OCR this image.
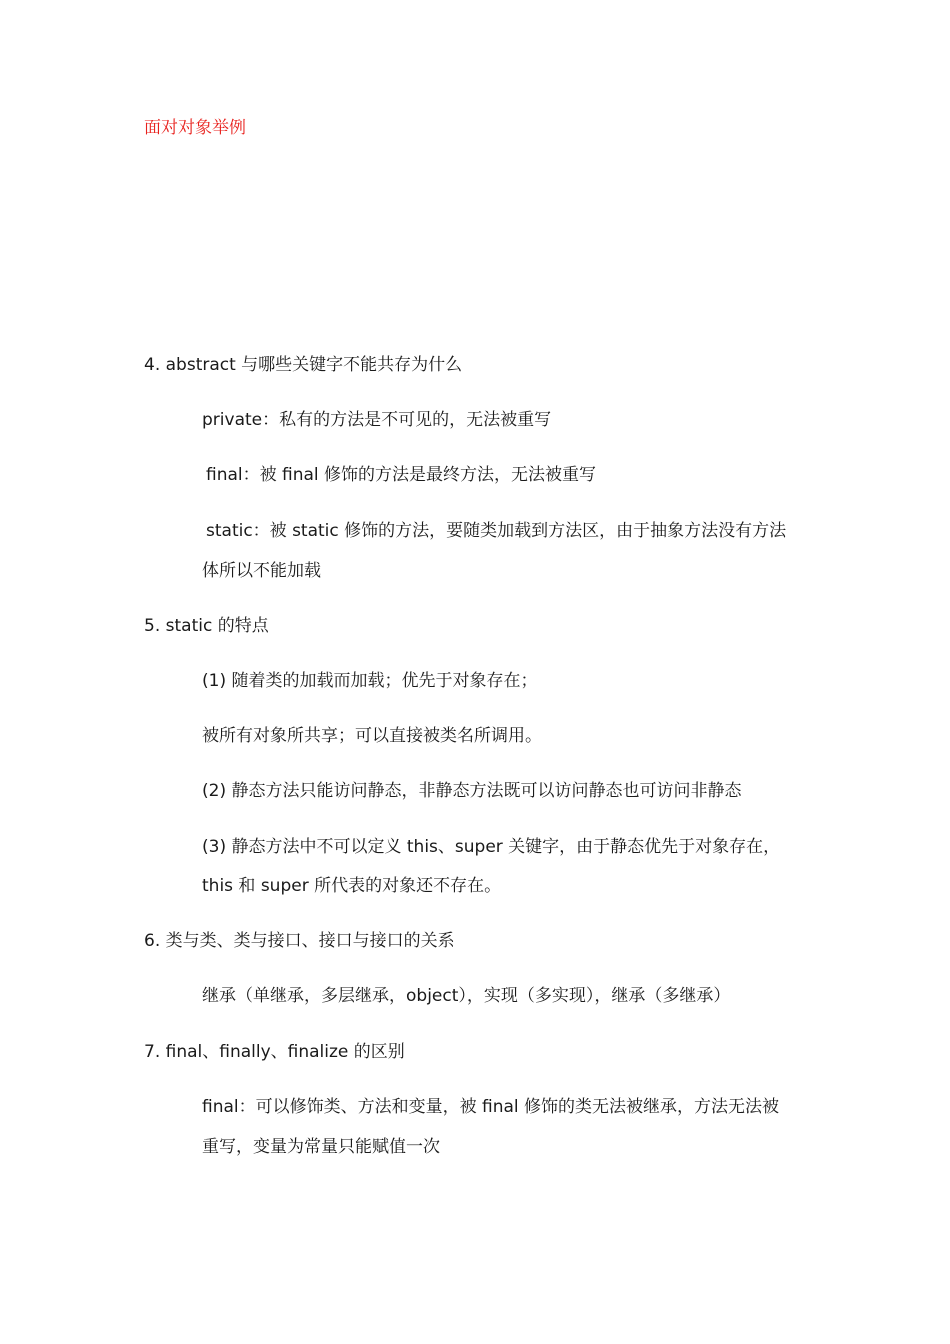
面对对象举例
4. abstract 与哪些关键字不能共存为什么
private：私有的方法是不可见的，无法被重写
final：被 final 修饰的方法是最终方法，无法被重写
static：被 static 修饰的方法，要随类加载到方法区，由于抽象方法没有方法
体所以不能加载
5. static 的特点
(1) 随着类的加载而加载；优先于对象存在；
被所有对象所共享；可以直接被类名所调用。
(2) 静态方法只能访问静态，非静态方法既可以访问静态也可访问非静态
(3) 静态方法中不可以定义 this、super 关键字，由于静态优先于对象存在，
this 和 super 所代表的对象还不存在。
6. 类与类、类与接口、接口与接口的关系
继承（单继承，多层继承，object），实现（多实现），继承（多继承）
7. final、finally、finalize 的区别
final：可以修饰类、方法和变量，被 final 修饰的类无法被继承，方法无法被
重写，变量为常量只能赋值一次
